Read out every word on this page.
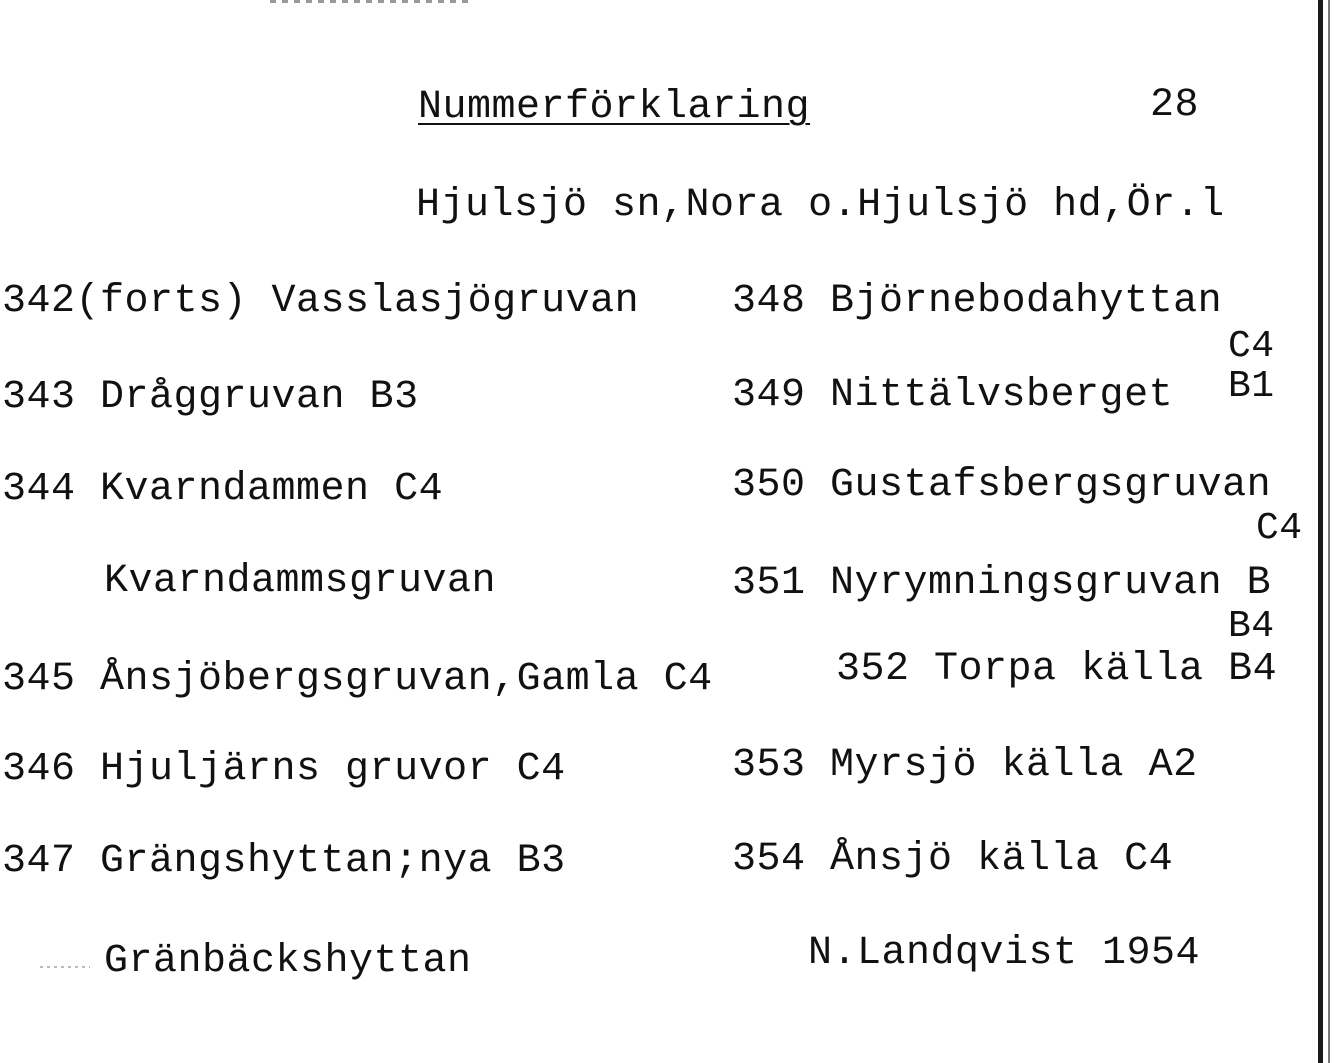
Nummerförklaring	28
Hjulsjö sn,Nora o.Hjulsjö hd,Ör.l
342(forts) Vasslasjögruvan
343 Dråggruvan B3
344 Kvarndammen C4
Kvarndammsgruvan
345 Ånsjöbergsgruvan,Gamla C4
346 Hjuljärns gruvor C4
347 Grängshyttan;nya B3
Gränbäckshyttan
348 Björnebodahyttan
C4
349 Nittälvsberget B1
350 Gustafsbergsgruvan
C4
351 Nyrymningsgruvan B
B4
352 Torpa källa B4
353 Myrsjö källa A2
354 Ånsjö källa C4
N.Landqvist 1954
